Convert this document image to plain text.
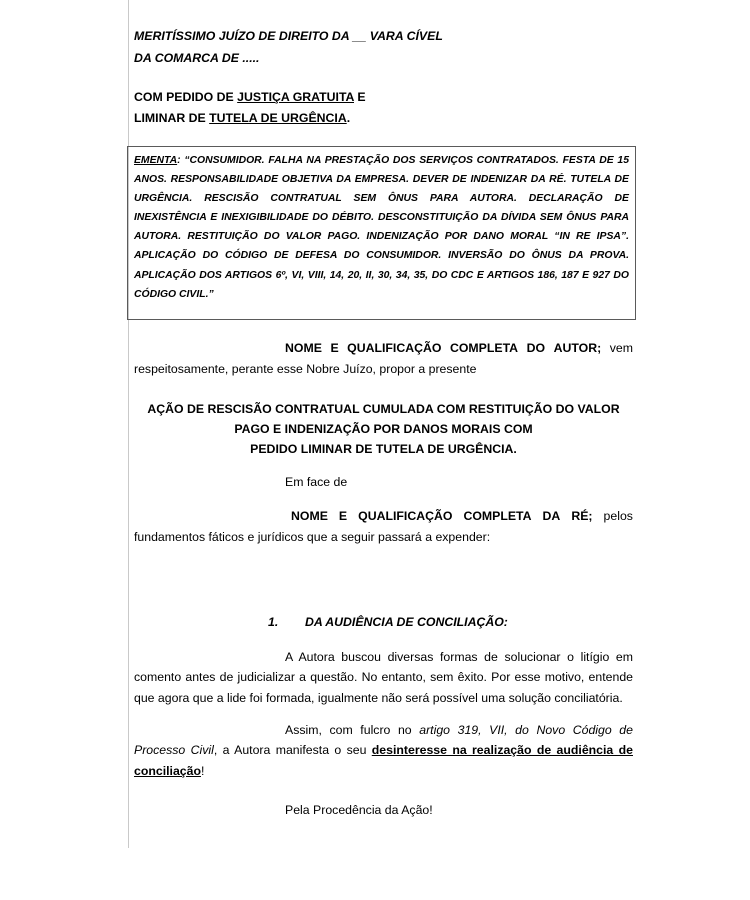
MERITÍSSIMO JUÍZO DE DIREITO DA __ VARA CÍVEL
DA COMARCA DE .....
COM PEDIDO DE JUSTIÇA GRATUITA E
LIMINAR DE TUTELA DE URGÊNCIA.
EMENTA: “CONSUMIDOR. FALHA NA PRESTAÇÃO DOS SERVIÇOS CONTRATADOS. FESTA DE 15 ANOS. RESPONSABILIDADE OBJETIVA DA EMPRESA. DEVER DE INDENIZAR DA RÉ. TUTELA DE URGÊNCIA. RESCISÃO CONTRATUAL SEM ÔNUS PARA AUTORA. DECLARAÇÃO DE INEXISTÊNCIA E INEXIGIBILIDADE DO DÉBITO. DESCONSTITUIÇÃO DA DÍVIDA SEM ÔNUS PARA AUTORA. RESTITUIÇÃO DO VALOR PAGO. INDENIZAÇÃO POR DANO MORAL “IN RE IPSA”. APLICAÇÃO DO CÓDIGO DE DEFESA DO CONSUMIDOR. INVERSÃO DO ÔNUS DA PROVA. APLICAÇÃO DOS ARTIGOS 6º, VI, VIII, 14, 20, II, 30, 34, 35, DO CDC E ARTIGOS 186, 187 E 927 DO CÓDIGO CIVIL.”
NOME E QUALIFICAÇÃO COMPLETA DO AUTOR; vem
respeitosamente, perante esse Nobre Juízo, propor a presente
AÇÃO DE RESCISÃO CONTRATUAL CUMULADA COM RESTITUIÇÃO DO VALOR
PAGO E INDENIZAÇÃO POR DANOS MORAIS COM
PEDIDO LIMINAR DE TUTELA DE URGÊNCIA.
Em face de
NOME E QUALIFICAÇÃO COMPLETA DA RÉ; pelos
fundamentos fáticos e jurídicos que a seguir passará a expender:
1. DA AUDIÊNCIA DE CONCILIAÇÃO:
A Autora buscou diversas formas de solucionar o litígio em comento antes de judicializar a questão. No entanto, sem êxito. Por esse motivo, entende que agora que a lide foi formada, igualmente não será possível uma solução conciliatória.
Assim, com fulcro no artigo 319, VII, do Novo Código de Processo Civil, a Autora manifesta o seu desinteresse na realização de audiência de conciliação!
Pela Procedência da Ação!
